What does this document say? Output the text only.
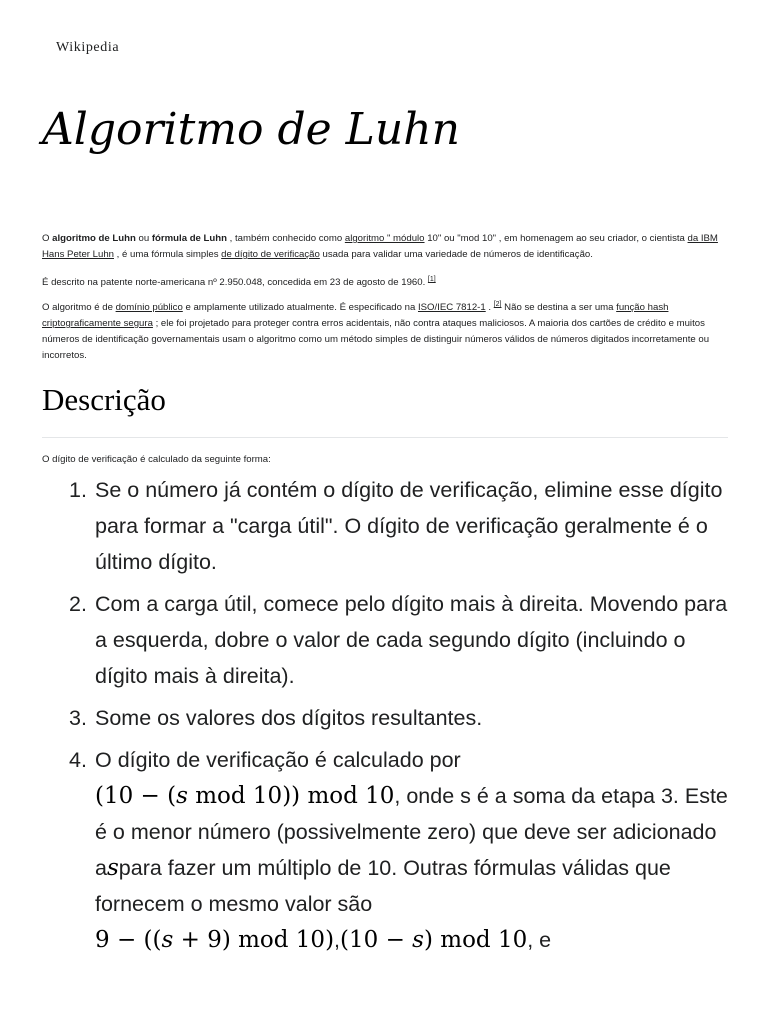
Wikipedia
Algoritmo de Luhn

O algoritmo de Luhn ou fórmula de Luhn , também conhecido como algoritmo " módulo 10" ou "mod 10" , em homenagem ao seu criador, o cientista da IBM Hans Peter Luhn , é uma fórmula simples de dígito de verificação usada para validar uma variedade de números de identificação.

É descrito na patente norte-americana nº 2.950.048, concedida em 23 de agosto de 1960. [1]

O algoritmo é de domínio público e amplamente utilizado atualmente. É especificado na ISO/IEC 7812-1 . [2] Não se destina a ser uma função hash criptograficamente segura ; ele foi projetado para proteger contra erros acidentais, não contra ataques maliciosos. A maioria dos cartões de crédito e muitos números de identificação governamentais usam o algoritmo como um método simples de distinguir números válidos de números digitados incorretamente ou incorretos.

Descrição

O dígito de verificação é calculado da seguinte forma:

1. Se o número já contém o dígito de verificação, elimine esse dígito para formar a "carga útil". O dígito de verificação geralmente é o último dígito.
2. Com a carga útil, comece pelo dígito mais à direita. Movendo para a esquerda, dobre o valor de cada segundo dígito (incluindo o dígito mais à direita).
3. Some os valores dos dígitos resultantes.
4. O dígito de verificação é calculado por
(10 − (s mod 10)) mod 10, onde s é a soma da etapa 3. Este é o menor número (possivelmente zero) que deve ser adicionado aspara fazer um múltiplo de 10. Outras fórmulas válidas que fornecem o mesmo valor são
9 − ((s + 9) mod 10),(10 − s) mod 10, e
